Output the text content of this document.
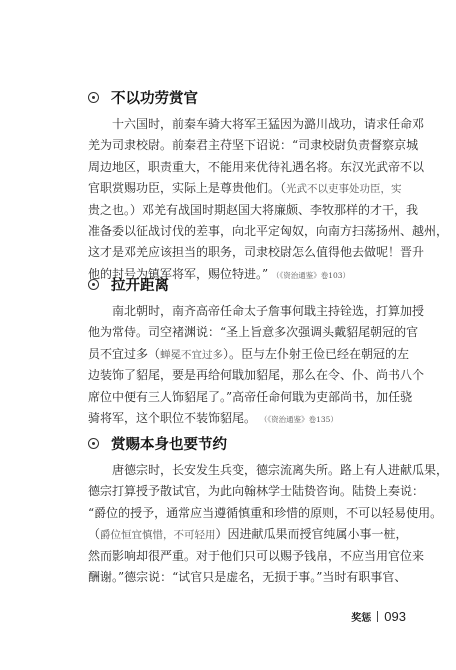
不以功劳赏官
十六国时，前秦车骑大将军王猛因为潞川战功，请求任命邓
羌为司隶校尉。前秦君主苻坚下诏说：“司隶校尉负责督察京城
周边地区，职责重大，不能用来优待礼遇名将。东汉光武帝不以
官职赏赐功臣，实际上是尊贵他们。（光武不以吏事处功臣，实
贵之也。）邓羌有战国时期赵国大将廉颇、李牧那样的才干，我
准备委以征战讨伐的差事，向北平定匈奴，向南方扫荡扬州、越州，
这才是邓羌应该担当的职务，司隶校尉怎么值得他去做呢！晋升
他的封号为镇军将军，赐位特进。” （《资治通鉴》卷103）
拉开距离
南北朝时，南齐高帝任命太子詹事何戢主持铨选，打算加授
他为常侍。司空褚渊说：“圣上旨意多次强调头戴貂尾朝冠的官
员不宜过多（蝉冕不宜过多）。臣与左仆射王俭已经在朝冠的左
边装饰了貂尾，要是再给何戢加貂尾，那么在令、仆、尚书八个
席位中便有三人饰貂尾了。”高帝任命何戢为吏部尚书，加任骁
骑将军，这个职位不装饰貂尾。 （《资治通鉴》卷135）
赏赐本身也要节约
唐德宗时，长安发生兵变，德宗流离失所。路上有人进献瓜果，
德宗打算授予散试官，为此向翰林学士陆贽咨询。陆贽上奏说：
“爵位的授予，通常应当遵循慎重和珍惜的原则，不可以轻易使用。
（爵位恒宜慎惜，不可轻用）因进献瓜果而授官纯属小事一桩，
然而影响却很严重。对于他们只可以赐予钱帛，不应当用官位来
酬谢。”德宗说：“试官只是虚名，无损于事。”当时有职事官、
奖惩 093
